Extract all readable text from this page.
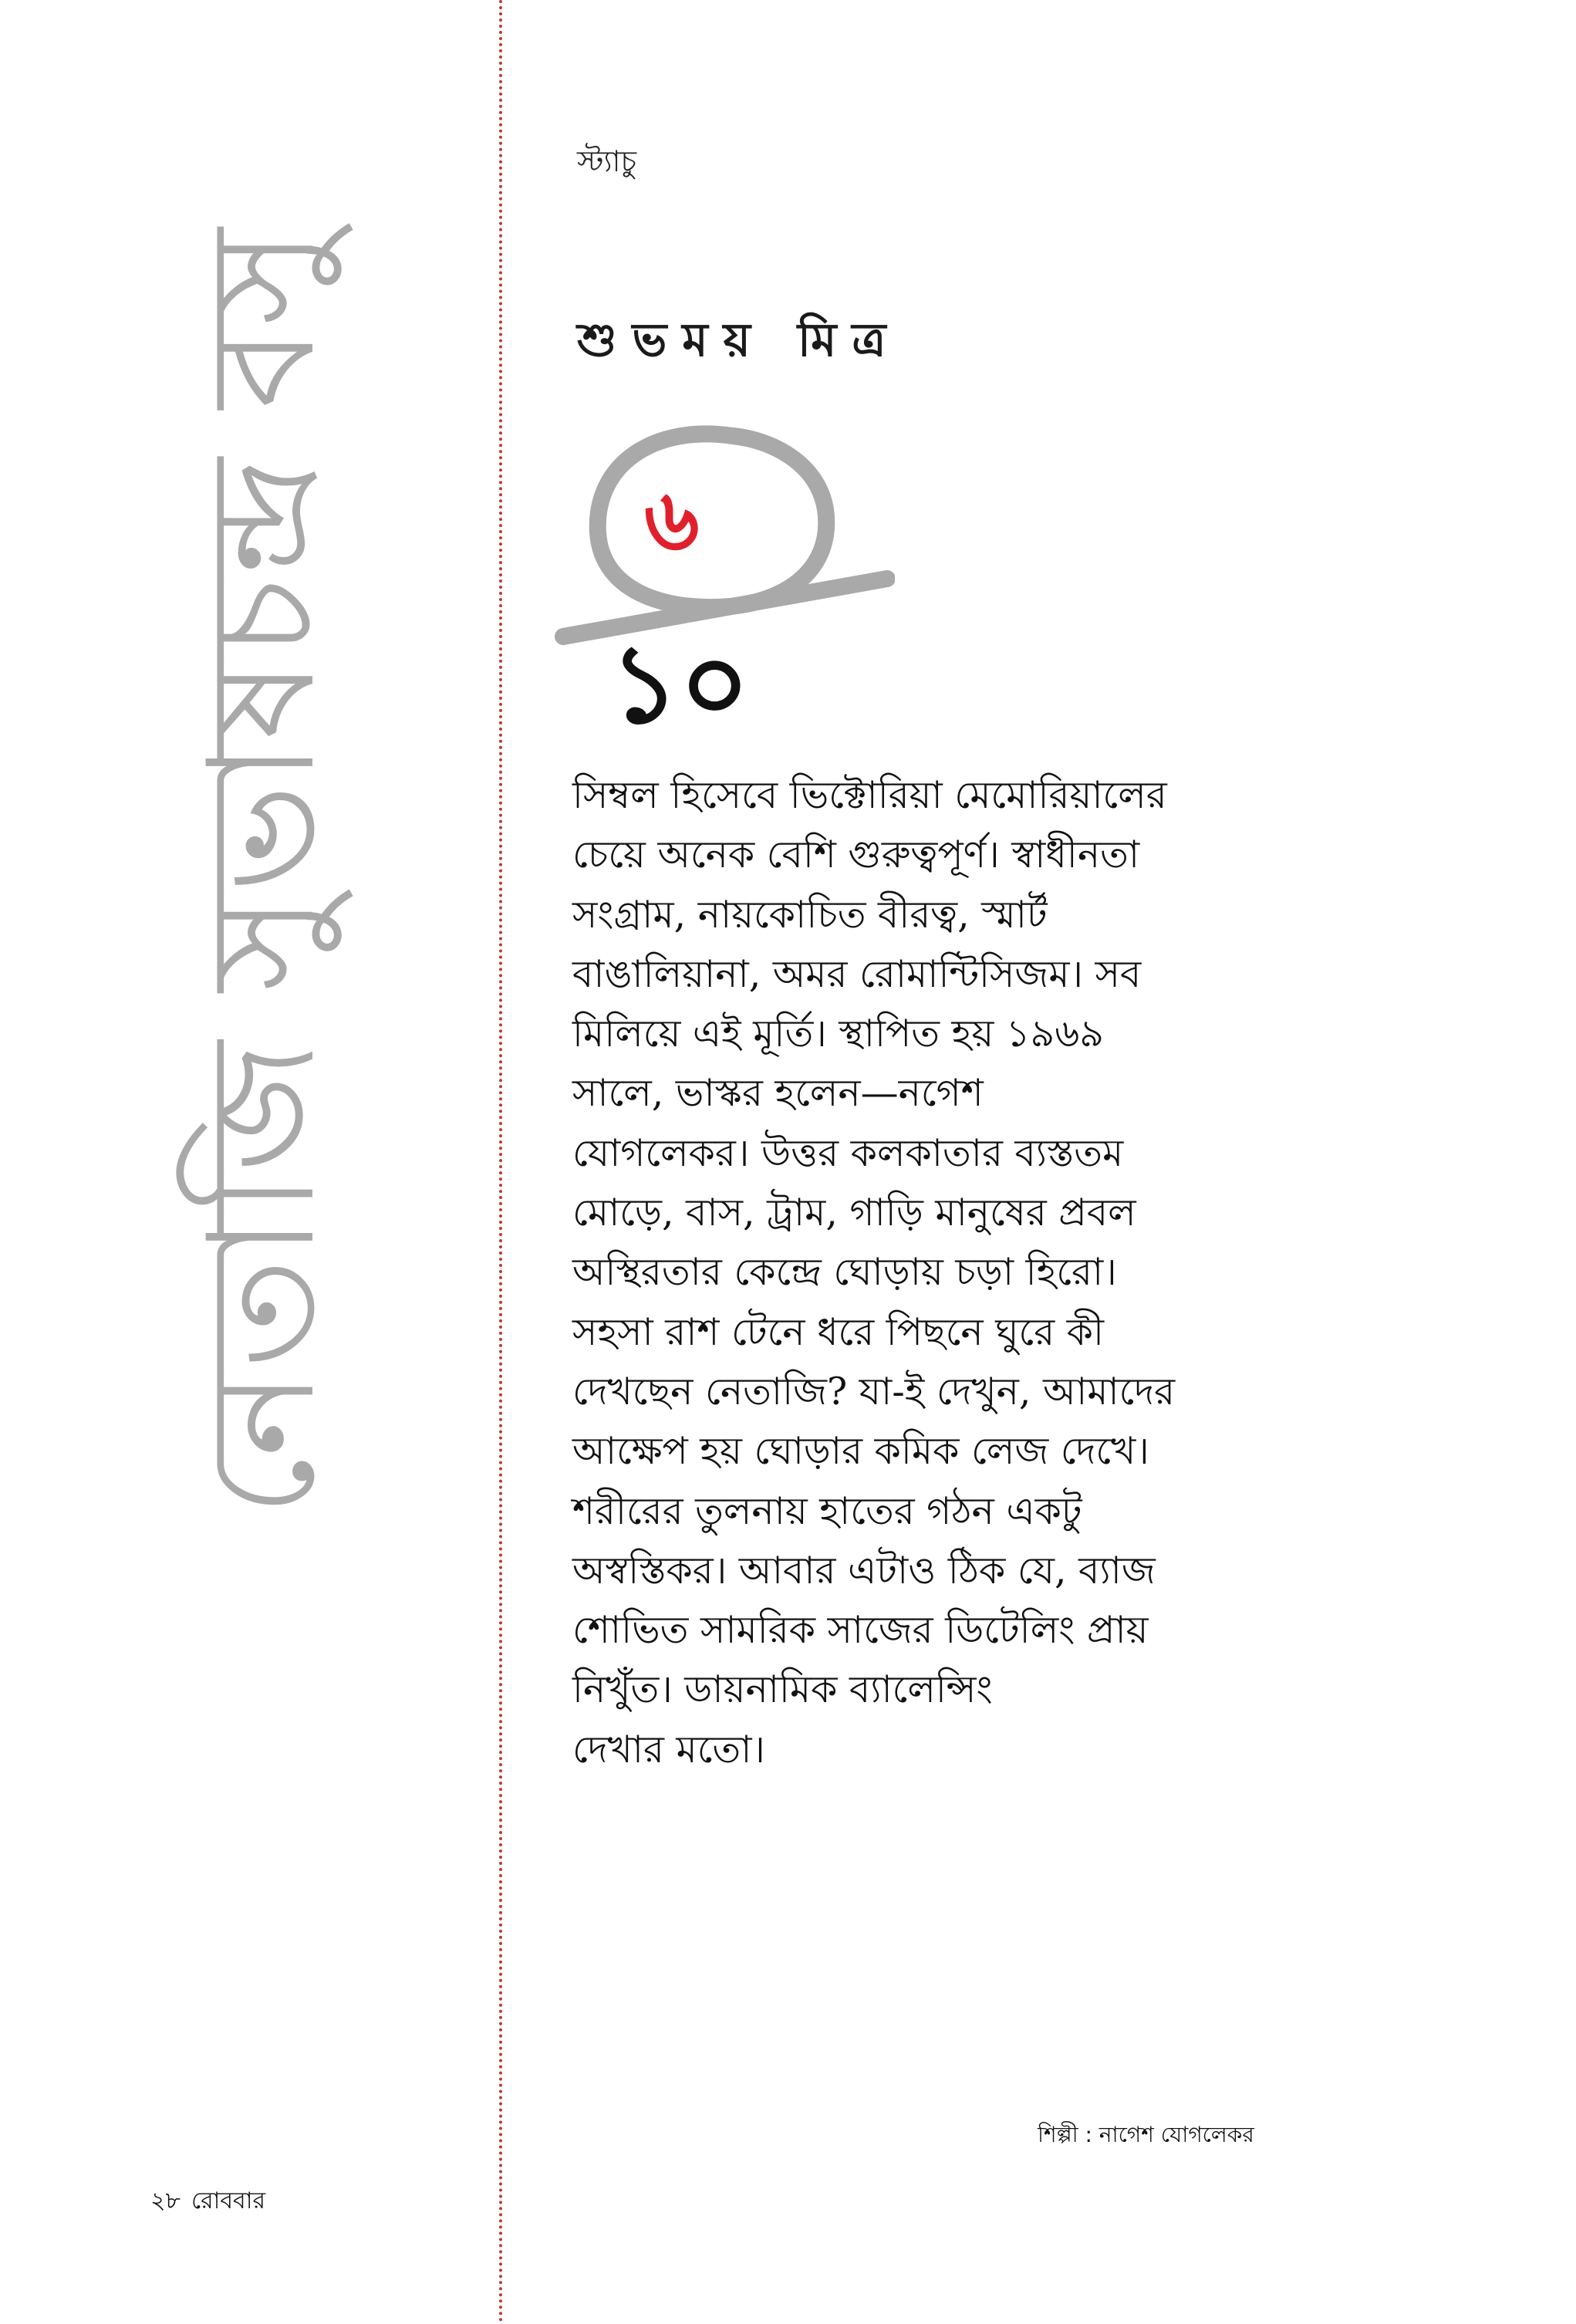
নেতাজি সুভাষচন্দ্র বসু
স্ট্যাচু
শুভময় মিত্র
৬
১০
সিম্বল হিসেবে ভিক্টোরিয়া মেমোরিয়ালের
চেয়ে অনেক বেশি গুরুত্বপূর্ণ। স্বাধীনতা
সংগ্রাম, নায়কোচিত বীরত্ব, স্মার্ট
বাঙালিয়ানা, অমর রোমান্টিসিজম। সব
মিলিয়ে এই মূর্তি। স্থাপিত হয় ১৯৬৯
সালে, ভাস্কর হলেন—নগেশ
যোগলেকর। উত্তর কলকাতার ব্যস্ততম
মোড়ে, বাস, ট্রাম, গাড়ি মানুষের প্রবল
অস্থিরতার কেন্দ্রে ঘোড়ায় চড়া হিরো।
সহসা রাশ টেনে ধরে পিছনে ঘুরে কী
দেখছেন নেতাজি? যা-ই দেখুন, আমাদের
আক্ষেপ হয় ঘোড়ার কমিক লেজ দেখে।
শরীরের তুলনায় হাতের গঠন একটু
অস্বস্তিকর। আবার এটাও ঠিক যে, ব্যাজ
শোভিত সামরিক সাজের ডিটেলিং প্রায়
নিখুঁত। ডায়নামিক ব্যালেন্সিং
দেখার মতো।
শিল্পী : নাগেশ যোগলেকর
২৮ রোববার
